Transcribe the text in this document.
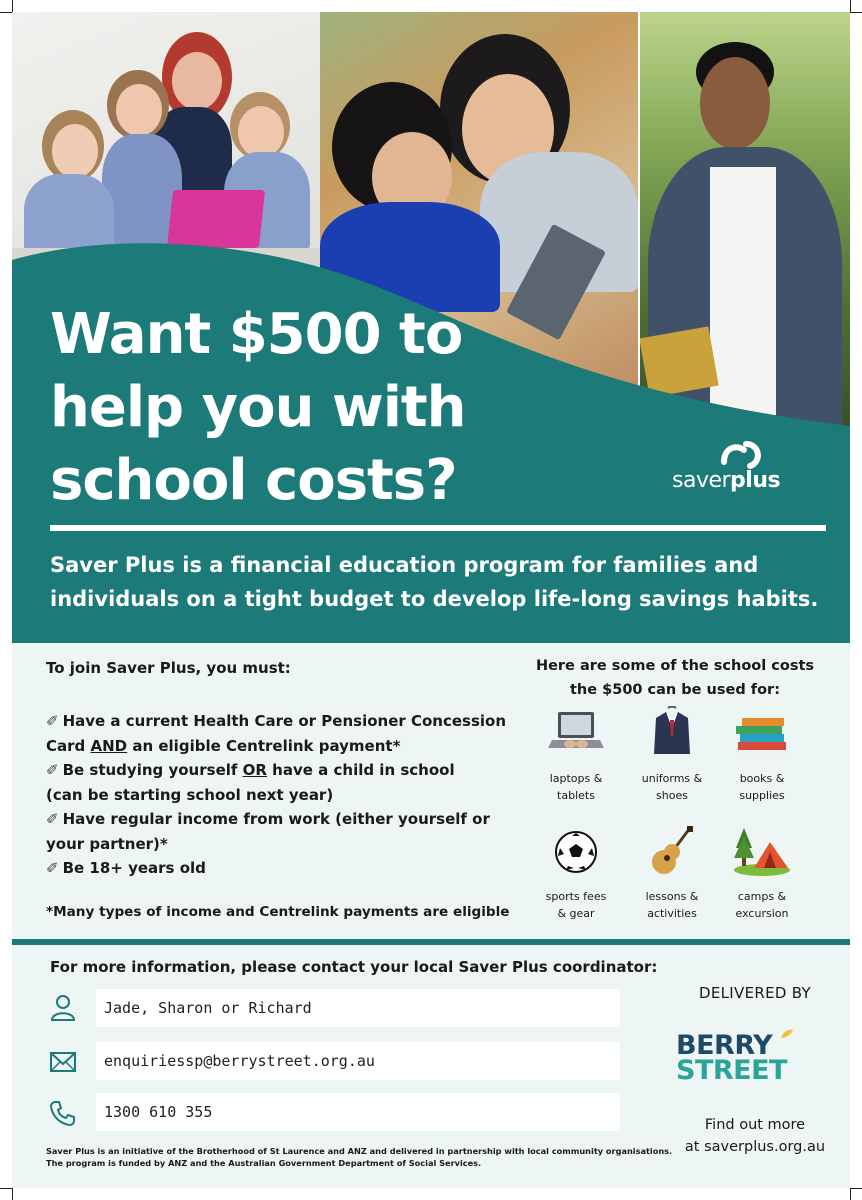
Want $500 to
help you with
school costs?	saverplus

Saver Plus is a financial education program for families and
individuals on a tight budget to develop life-long savings habits.

To join Saver Plus, you must:
✐ Have a current Health Care or Pensioner Concession
Card AND an eligible Centrelink payment*
✐ Be studying yourself OR have a child in school
(can be starting school next year)
✐ Have regular income from work (either yourself or
your partner)*
✐ Be 18+ years old
*Many types of income and Centrelink payments are eligible
Here are some of the school costs
the $500 can be used for:
laptops &
tablets
uniforms &
shoes
books &
supplies
sports fees
& gear
lessons &
activities
camps &
excursion
For more information, please contact your local Saver Plus coordinator:
Jade, Sharon or Richard
enquiriessp@berrystreet.org.au
1300 610 355
DELIVERED BY
BERRY
STREET
Find out more
at saverplus.org.au
Saver Plus is an initiative of the Brotherhood of St Laurence and ANZ and delivered in partnership with local community organisations.
The program is funded by ANZ and the Australian Government Department of Social Services.
